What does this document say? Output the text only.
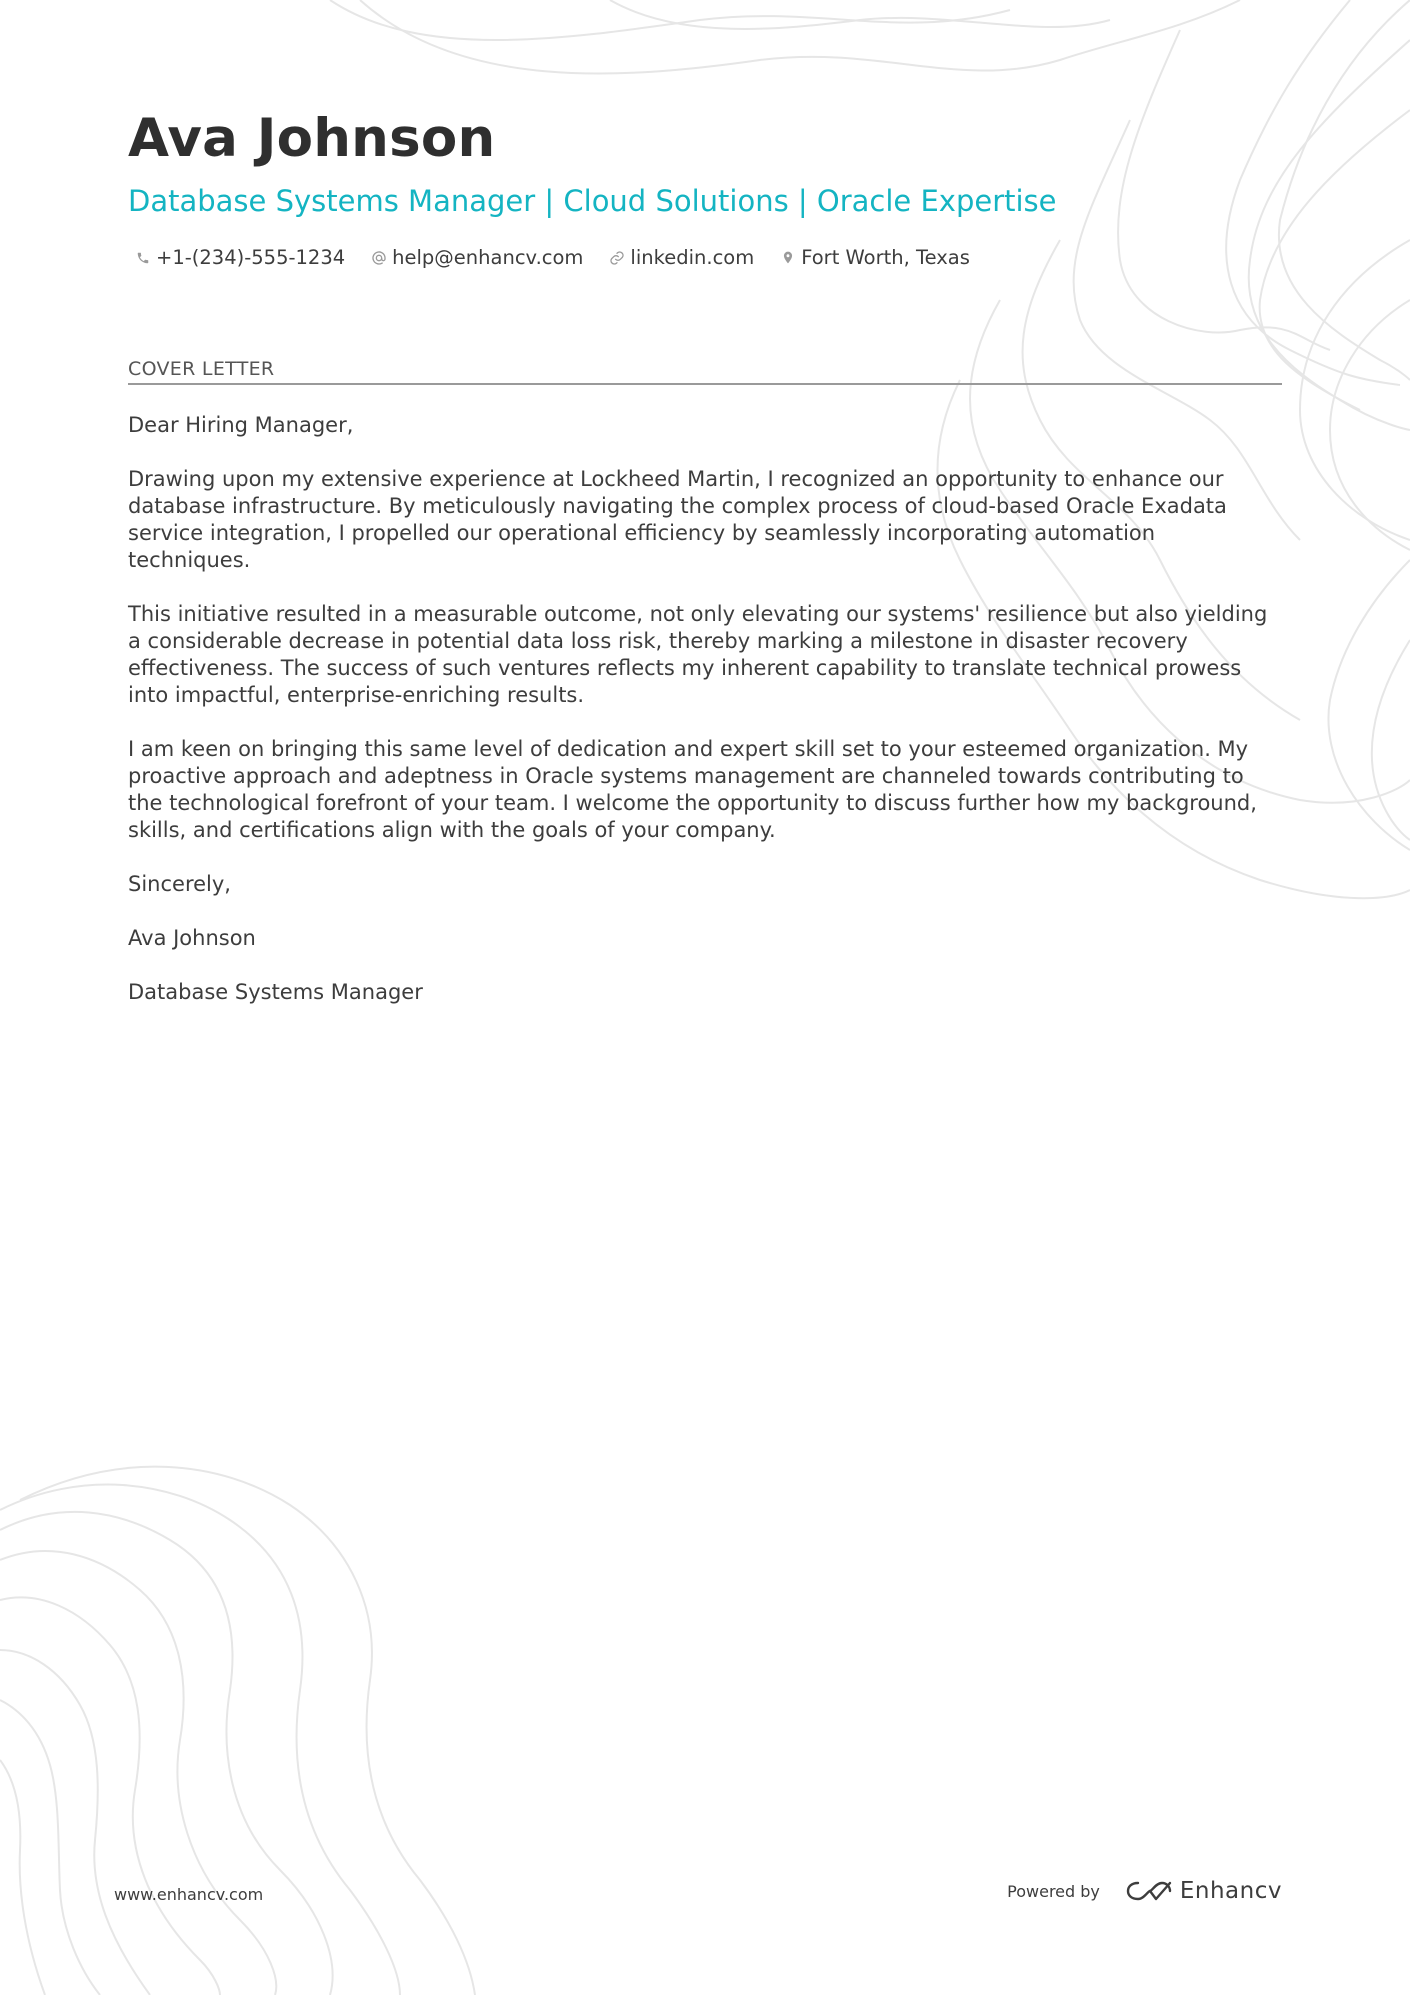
Ava Johnson
Database Systems Manager | Cloud Solutions | Oracle Expertise
+1-(234)-555-1234 help@enhancv.com linkedin.com Fort Worth, Texas
COVER LETTER

Dear Hiring Manager,

Drawing upon my extensive experience at Lockheed Martin, I recognized an opportunity to enhance our database infrastructure. By meticulously navigating the complex process of cloud-based Oracle Exadata service integration, I propelled our operational efficiency by seamlessly incorporating automation techniques.

This initiative resulted in a measurable outcome, not only elevating our systems' resilience but also yielding a considerable decrease in potential data loss risk, thereby marking a milestone in disaster recovery effectiveness. The success of such ventures reflects my inherent capability to translate technical prowess into impactful, enterprise-enriching results.

I am keen on bringing this same level of dedication and expert skill set to your esteemed organization. My proactive approach and adeptness in Oracle systems management are channeled towards contributing to the technological forefront of your team. I welcome the opportunity to discuss further how my background, skills, and certifications align with the goals of your company.

Sincerely,

Ava Johnson

Database Systems Manager

www.enhancv.com	Powered by	Enhancv
